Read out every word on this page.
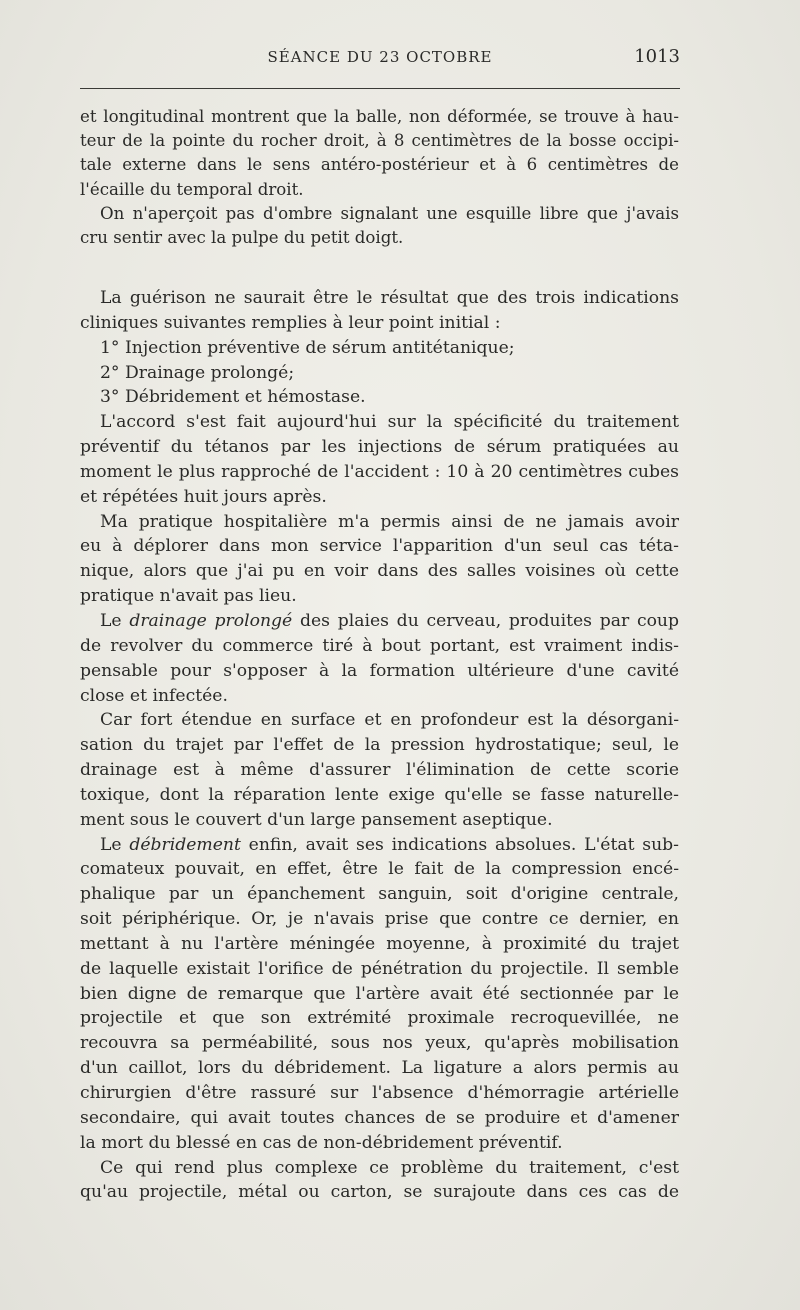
SÉANCE DU 23 OCTOBRE	1013
et longitudinal montrent que la balle, non déformée, se trouve à hau-
teur de la pointe du rocher droit, à 8 centimètres de la bosse occipi-
tale externe dans le sens antéro-postérieur et à 6 centimètres de
l'écaille du temporal droit.
On n'aperçoit pas d'ombre signalant une esquille libre que j'avais
cru sentir avec la pulpe du petit doigt.
La guérison ne saurait être le résultat que des trois indications
cliniques suivantes remplies à leur point initial :
1° Injection préventive de sérum antitétanique;
2° Drainage prolongé;
3° Débridement et hémostase.
L'accord s'est fait aujourd'hui sur la spécificité du traitement
préventif du tétanos par les injections de sérum pratiquées au
moment le plus rapproché de l'accident : 10 à 20 centimètres cubes
et répétées huit jours après.
Ma pratique hospitalière m'a permis ainsi de ne jamais avoir
eu à déplorer dans mon service l'apparition d'un seul cas téta-
nique, alors que j'ai pu en voir dans des salles voisines où cette
pratique n'avait pas lieu.
Le drainage prolongé des plaies du cerveau, produites par coup
de revolver du commerce tiré à bout portant, est vraiment indis-
pensable pour s'opposer à la formation ultérieure d'une cavité
close et infectée.
Car fort étendue en surface et en profondeur est la désorgani-
sation du trajet par l'effet de la pression hydrostatique; seul, le
drainage est à même d'assurer l'élimination de cette scorie
toxique, dont la réparation lente exige qu'elle se fasse naturelle-
ment sous le couvert d'un large pansement aseptique.
Le débridement enfin, avait ses indications absolues. L'état sub-
comateux pouvait, en effet, être le fait de la compression encé-
phalique par un épanchement sanguin, soit d'origine centrale,
soit périphérique. Or, je n'avais prise que contre ce dernier, en
mettant à nu l'artère méningée moyenne, à proximité du trajet
de laquelle existait l'orifice de pénétration du projectile. Il semble
bien digne de remarque que l'artère avait été sectionnée par le
projectile et que son extrémité proximale recroquevillée, ne
recouvra sa perméabilité, sous nos yeux, qu'après mobilisation
d'un caillot, lors du débridement. La ligature a alors permis au
chirurgien d'être rassuré sur l'absence d'hémorragie artérielle
secondaire, qui avait toutes chances de se produire et d'amener
la mort du blessé en cas de non-débridement préventif.
Ce qui rend plus complexe ce problème du traitement, c'est
qu'au projectile, métal ou carton, se surajoute dans ces cas de
